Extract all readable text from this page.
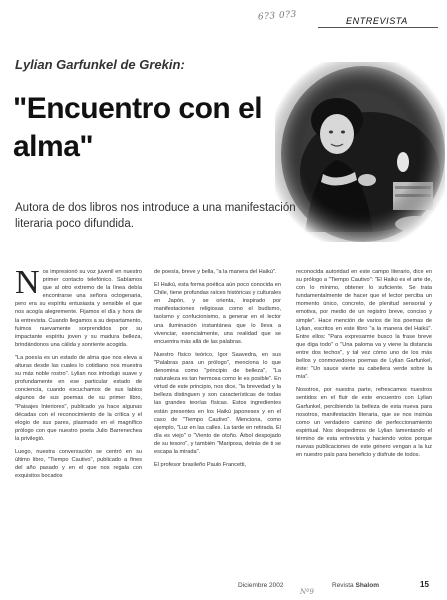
6?3 0?3	ENTREVISTA
Lylian Garfunkel de Grekin:
"Encuentro con el
alma"
Autora de dos libros nos introduce a una manifestación literaria poco difundida.

Nos impresionó su voz juvenil en nuestro primer contacto telefónico. Sabíamos que al otro extremo de la línea debía encontrarse una señora octogenaria, pero era su espíritu entusiasta y sensible el que nos acogía alegremente. Fijamos el día y hora de la entrevista. Cuando llegamos a su departamento, fuimos nuevamente sorprendidos por su impactante espíritu joven y su madura belleza, brindándonos una cálida y sonriente acogida.

"La poesía es un estado de alma que nos eleva a alturas desde las cuales lo cotidiano nos muestra su más noble rostro". Lylian nos introdujo suave y profundamente en ese particular estado de conciencia, cuando escuchamos de sus labios algunos de sus poemas de su primer libro, "Paisajes Interiores", publicado ya hace algunas décadas con el reconocimiento de la crítica y el elogio de sus pares, plasmado en el magnífico prólogo con que nuestro poeta Julio Barrenechea la privilegió.

Luego, nuestra conversación se centró en su último libro, "Tiempo Cautivo", publicado a fines del año pasado y en el que nos regala con exquisitos bocados

de poesía, breve y bella, "a la manera del Haikú".

El Haikú, esta forma poética aún poco conocida en Chile, tiene profundas raíces históricas y culturales en Japón, y se orienta, inspirado por manifestaciones religiosas como el budismo, taoísmo y confucionismo, a generar en el lector una iluminación instantánea que lo lleva a vivenciar, esencialmente, una realidad que se encuentra más allá de las palabras.

Nuestro físico teórico, Igor Saavedra, en sus "Palabras para un prólogo", menciona lo que denomina como "principio de belleza", "La naturaleza es tan hermosa como le es posible". En virtud de este principio, nos dice, "la brevedad y la belleza distinguen y son características de todas las grandes teorías físicas. Estos ingredientes están presentes en los Haikú japoneses y en el caso de "Tiempo Cautivo". Menciona, como ejemplo, "Luz en las calles. La tarde en retirada. El día es viejo" o "Viento de otoño. Árbol despojado de su tesoro", y también "Mariposa, detrás de ti se escapa la mirada".

El profesor brasileño Paulo Francetti,

reconocida autoridad en este campo literario, dice en su prólogo a "Tiempo Cautivo": "El Haikú es el arte de, con lo mínimo, obtener lo suficiente. Se trata fundamentalmente de hacer que el lector perciba un momento único, concreto, de plenitud sensorial y emotiva, por medio de un registro breve, conciso y simple". Hace mención de varios de los poemas de Lylian, escritos en este libro "a la manera del Haikú". Entre ellos: "Para expresarme busco la frase breve que diga todo" o "Una paloma va y viene la distancia entre dos techos", y tal vez cómo uno de los más bellos y conmovedores poemas de Lylian Garfunkel, éste: "Un sauce vierte su cabellera verde sobre la mía".

Nosotros, por nuestra parte, refrescamos nuestros sentidos en el fluir de este encuentro con Lylian Garfunkel, percibiendo la belleza de esta nueva para nosotros, manifestación literaria, que se nos insinúa como un verdadero camino de perfeccionamiento espiritual. Nos despedimos de Lylian lamentando el término de esta entrevista y haciendo votos porque nuevas publicaciones de este género vengan a la luz en nuestro país para beneficio y disfrute de todos.

Diciembre 2002	Revista Shalom	15
Nº9
